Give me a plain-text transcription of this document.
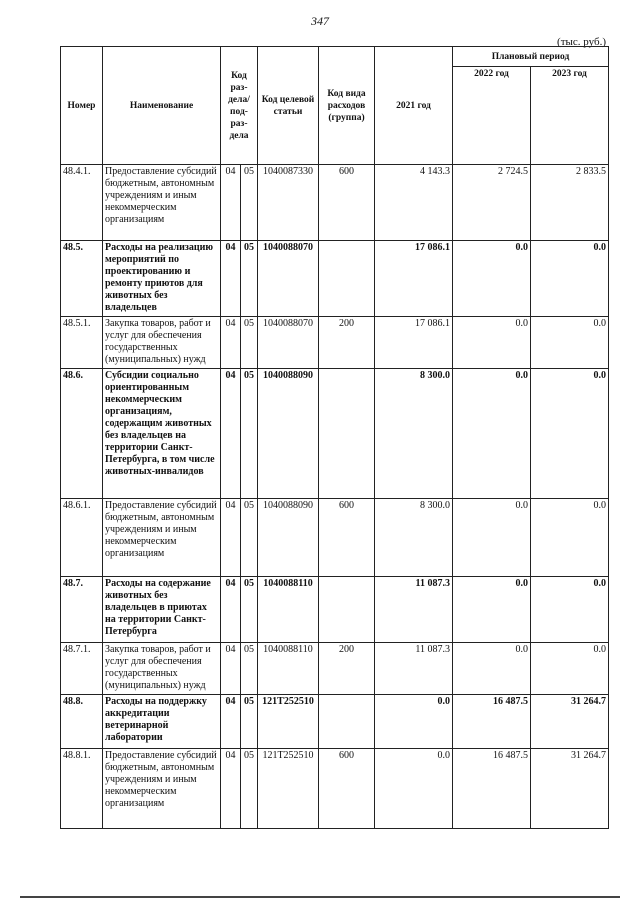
347
(тыс. руб.)
Номер	Наименование	Код раз-дела/ под-раз-дела		Код целевой статьи	Код вида расходов (группа)	2021 год	Плановый период	
							2022 год	2023 год
48.4.1.	Предоставление субсидий бюджетным, автономным учреждениям и иным некоммерческим организациям	04	05	1040087330	600	4 143.3	2 724.5	2 833.5
48.5.	Расходы на реализацию мероприятий по проектированию и ремонту приютов для животных без владельцев	04	05	1040088070		17 086.1	0.0	0.0
48.5.1.	Закупка товаров, работ и услуг для обеспечения государственных (муниципальных) нужд	04	05	1040088070	200	17 086.1	0.0	0.0
48.6.	Субсидии социально ориентированным некоммерческим организациям, содержащим животных без владельцев на территории Санкт-Петербурга, в том числе животных-инвалидов	04	05	1040088090		8 300.0	0.0	0.0
48.6.1.	Предоставление субсидий бюджетным, автономным учреждениям и иным некоммерческим организациям	04	05	1040088090	600	8 300.0	0.0	0.0
48.7.	Расходы на содержание животных без владельцев в приютах на территории Санкт-Петербурга	04	05	1040088110		11 087.3	0.0	0.0
48.7.1.	Закупка товаров, работ и услуг для обеспечения государственных (муниципальных) нужд	04	05	1040088110	200	11 087.3	0.0	0.0
48.8.	Расходы на поддержку аккредитации ветеринарной лаборатории	04	05	121Т252510		0.0	16 487.5	31 264.7
48.8.1.	Предоставление субсидий бюджетным, автономным учреждениям и иным некоммерческим организациям	04	05	121Т252510	600	0.0	16 487.5	31 264.7
